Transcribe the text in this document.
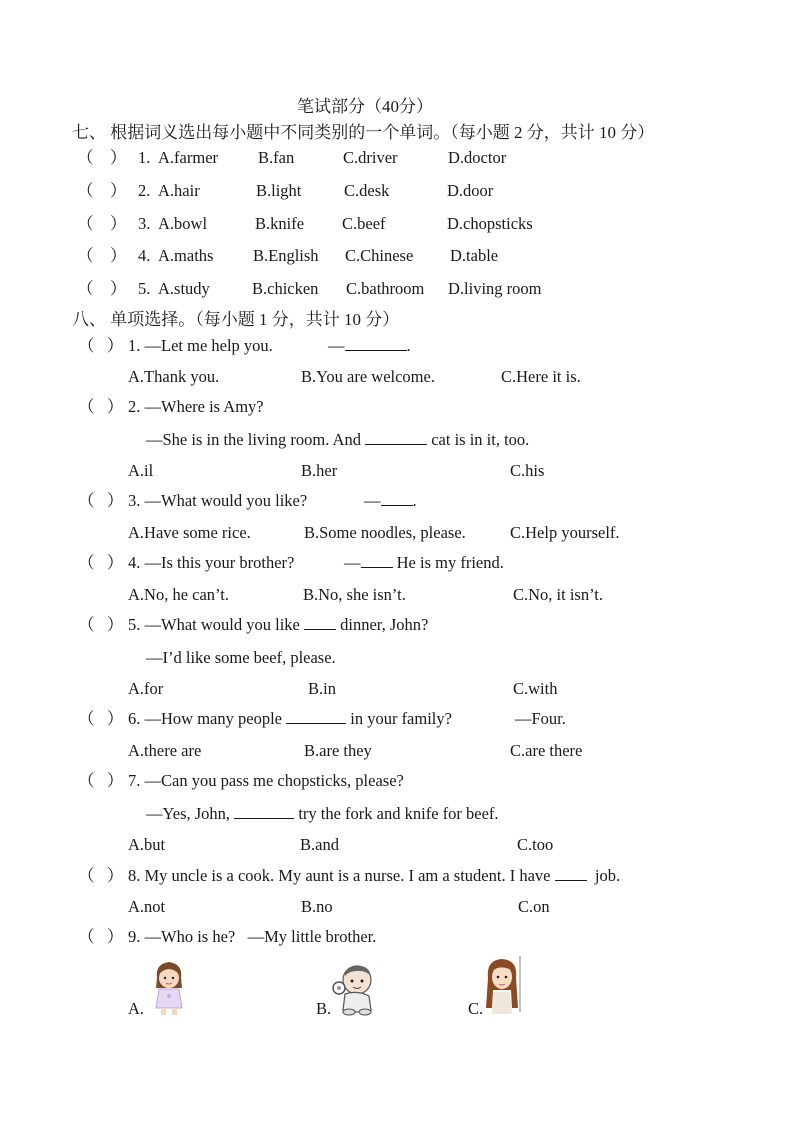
笔试部分（40分）
七、 根据词义选出每小题中不同类别的一个单词。（每小题 2 分，共计 10 分）
（    ） 1. A.farmer B.fan	C.driver	D.doctor
（    ） 2. A.hair	B.light	C.desk	D.door
（    ） 3. A.bowl	B.knife C.beef	D.chopsticks
（    ） 4. A.maths B.English C.Chinese D.table
（    ） 5. A.study	B.chicken C.bathroom D.living room
八、 单项选择。（每小题 1 分，共计 10 分）
（   ） 1. —Let me help you.	—	.
A.Thank you.	B.You are welcome.	C.Here it is.
（   ） 2. —Where is Amy?
—She is in the living room. And	cat is in it, too.
A.il	B.her	C.his
（   ） 3. —What would you like?	— .
A.Have some rice.	B.Some noodles, please.	C.Help yourself.
（   ） 4. —Is this your brother?	— He is my friend.
A.No, he can’t.	B.No, she isn’t.	C.No, it isn’t.
（   ） 5. —What would you like dinner, John?
—I’d like some beef, please.
A.for	B.in	C.with
（   ） 6. —How many people	in your family?	—Four.
A.there are	B.are they	C.are there
（   ） 7. —Can you pass me chopsticks, please?
—Yes, John,	try the fork and knife for beef.
A.but	B.and	C.too
（   ） 8. My uncle is a cook. My aunt is a nurse. I am a student. I have	job.
A.not	B.no	C.on
（   ） 9. —Who is he?   —My little brother.
A.	B.	C.
